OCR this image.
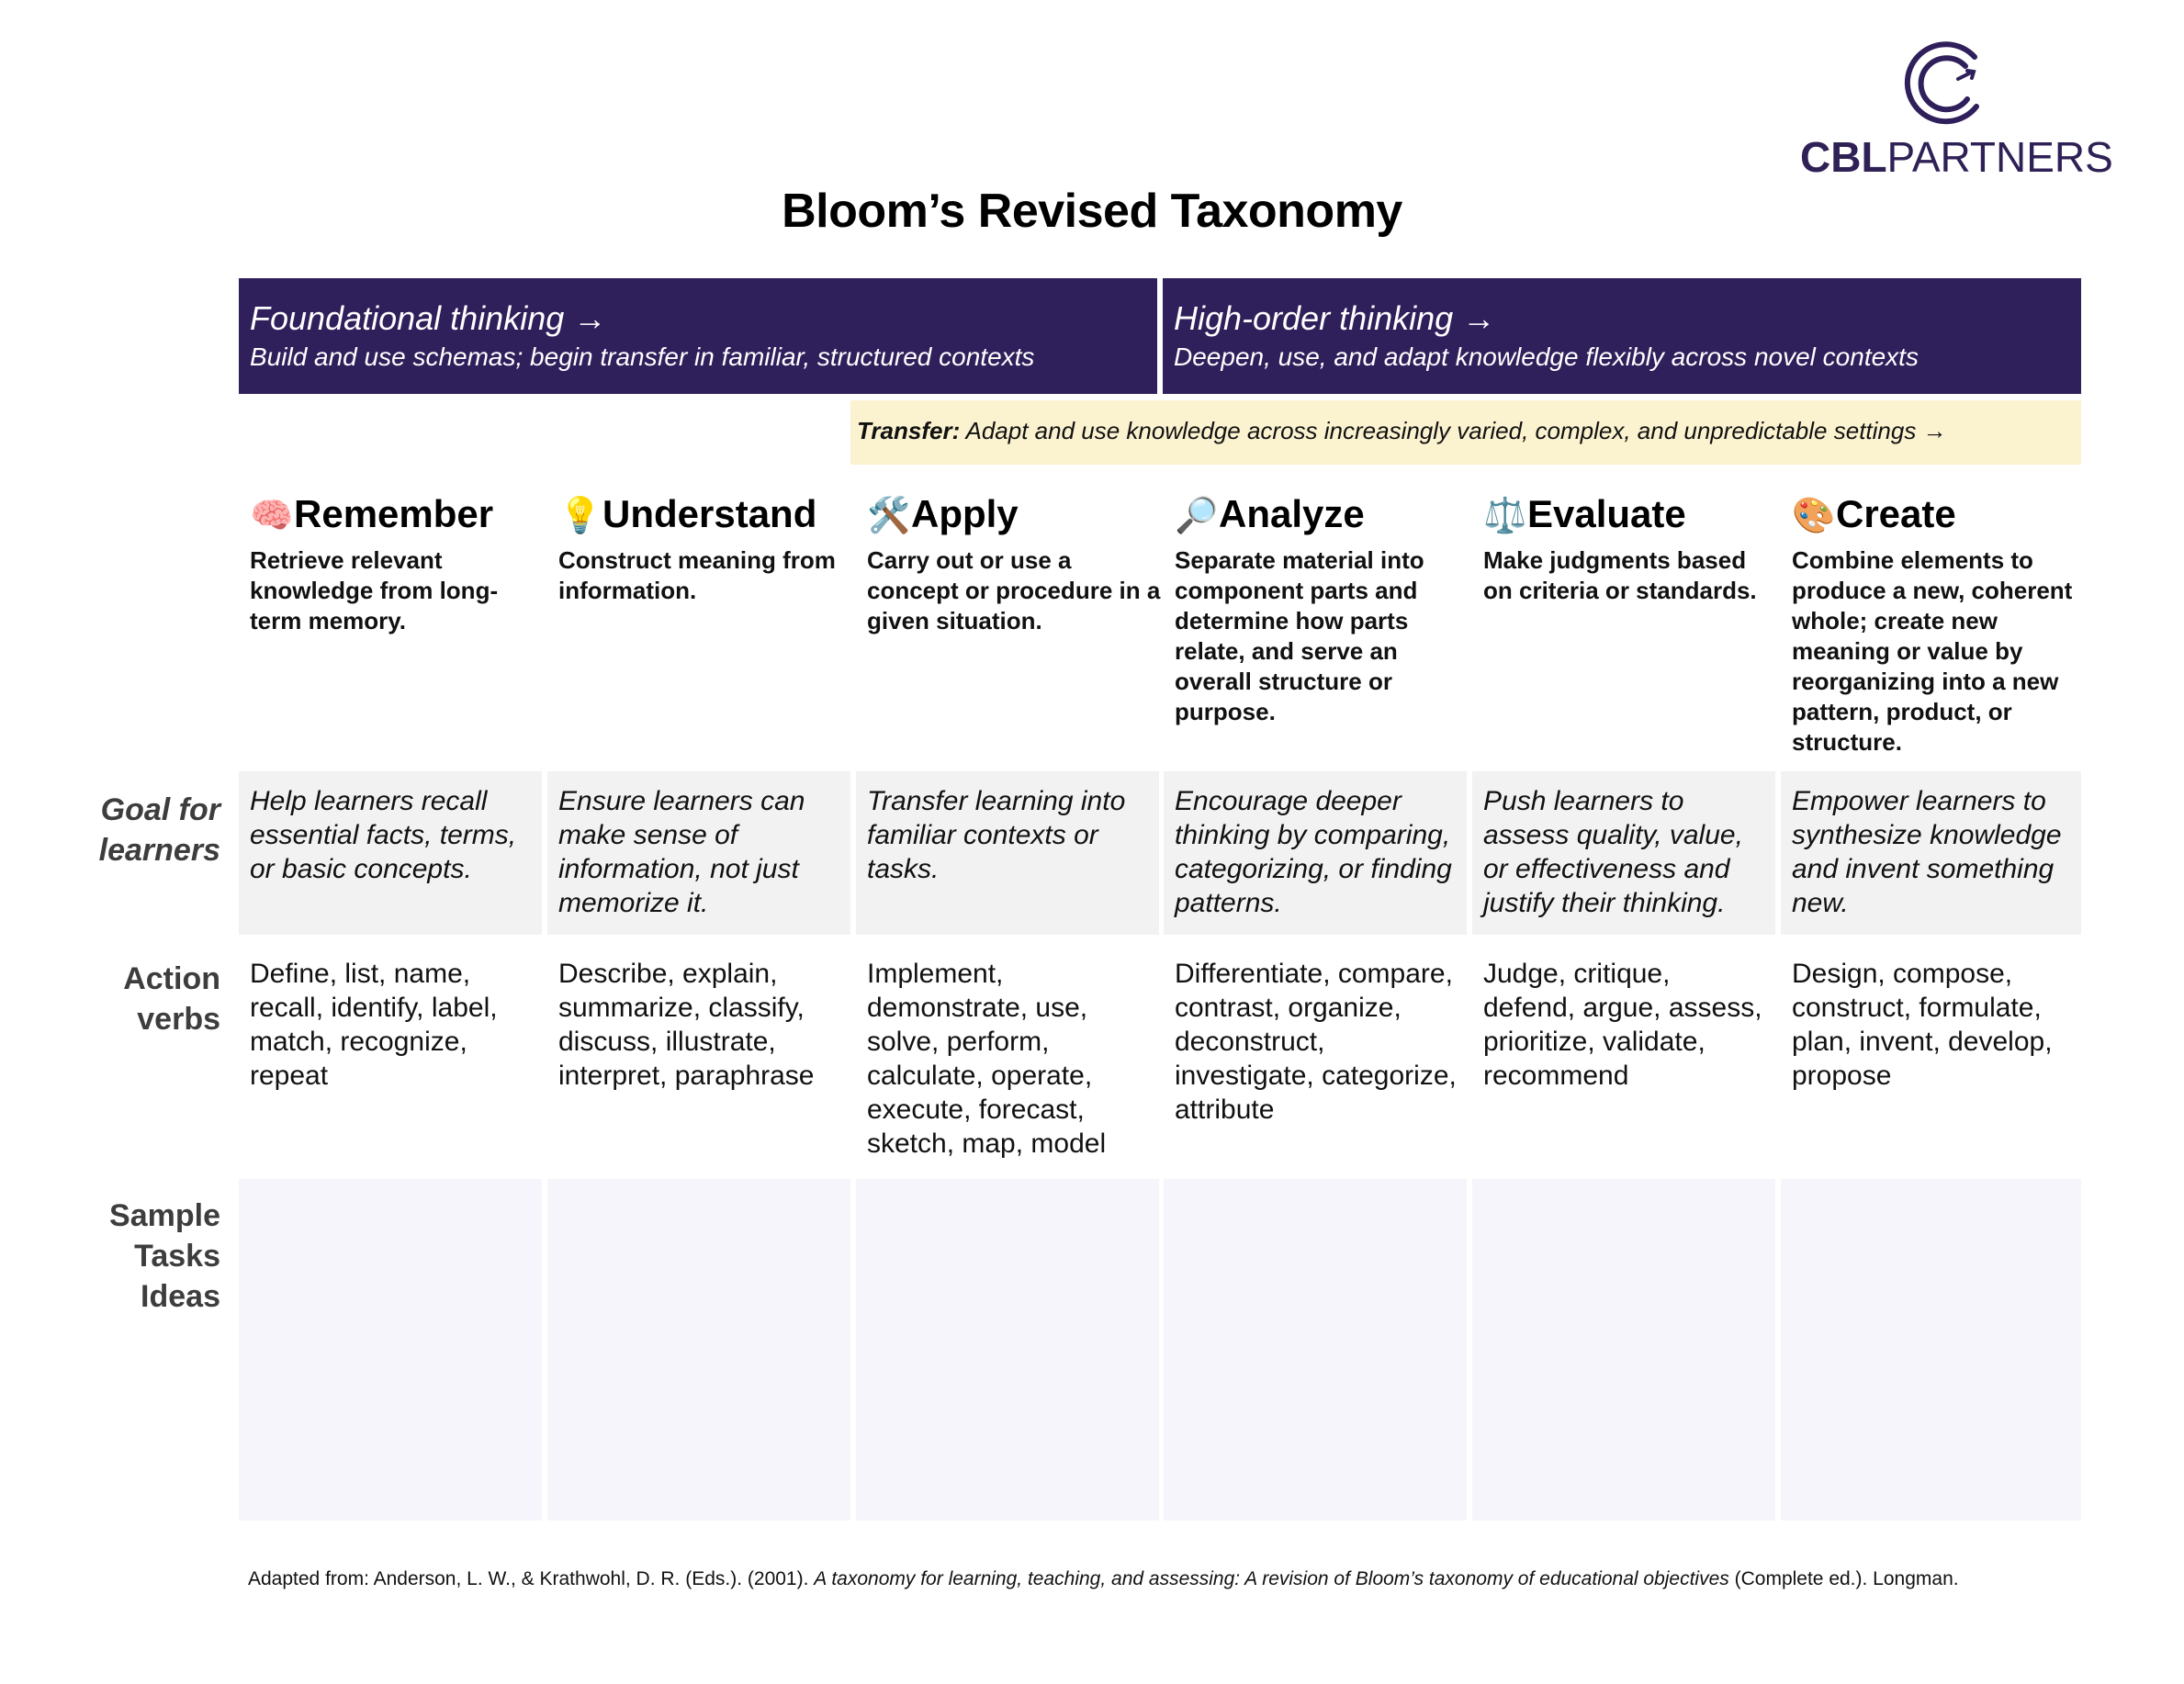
CBLPARTNERS
Bloom’s Revised Taxonomy
Foundational thinking →
Build and use schemas; begin transfer in familiar, structured contexts
High-order thinking →
Deepen, use, and adapt knowledge flexibly across novel contexts
Transfer: Adapt and use knowledge across increasingly varied, complex, and unpredictable settings →
🧠Remember
Retrieve relevant knowledge from long-term memory.
💡Understand
Construct meaning from information.
🛠️Apply
Carry out or use a concept or procedure in a given situation.
🔎Analyze
Separate material into component parts and determine how parts relate, and serve an overall structure or purpose.
⚖️Evaluate
Make judgments based on criteria or standards.
🎨Create
Combine elements to produce a new, coherent whole; create new meaning or value by reorganizing into a new pattern, product, or structure.
Goal for learners
Action verbs
Sample Tasks Ideas
Help learners recall essential facts, terms, or basic concepts.
Ensure learners can make sense of information, not just memorize it.
Transfer learning into familiar contexts or tasks.
Encourage deeper thinking by comparing, categorizing, or finding patterns.
Push learners to assess quality, value, or effectiveness and justify their thinking.
Empower learners to synthesize knowledge and invent something new.
Define, list, name, recall, identify, label, match, recognize, repeat
Describe, explain, summarize, classify, discuss, illustrate, interpret, paraphrase
Implement, demonstrate, use, solve, perform, calculate, operate, execute, forecast, sketch, map, model
Differentiate, compare, contrast, organize, deconstruct, investigate, categorize, attribute
Judge, critique, defend, argue, assess, prioritize, validate, recommend
Design, compose, construct, formulate, plan, invent, develop, propose
Adapted from: Anderson, L. W., & Krathwohl, D. R. (Eds.). (2001). A taxonomy for learning, teaching, and assessing: A revision of Bloom’s taxonomy of educational objectives (Complete ed.). Longman.
